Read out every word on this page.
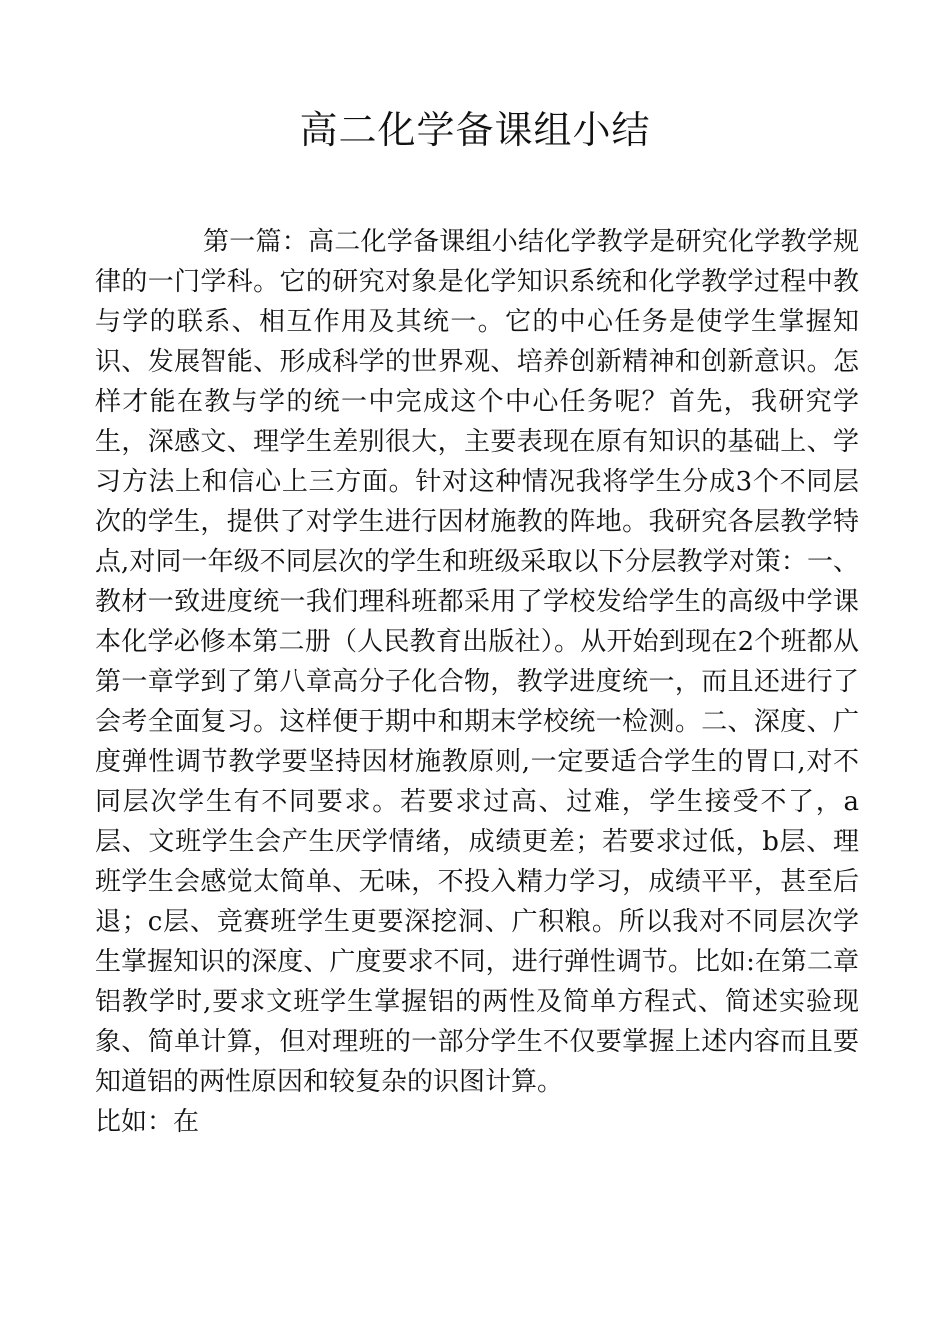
高二化学备课组小结

第一篇：高二化学备课组小结化学教学是研究化学教学规律的一门学科。它的研究对象是化学知识系统和化学教学过程中教与学的联系、相互作用及其统一。它的中心任务是使学生掌握知识、发展智能、形成科学的世界观、培养创新精神和创新意识。怎样才能在教与学的统一中完成这个中心任务呢？首先，我研究学生，深感文、理学生差别很大，主要表现在原有知识的基础上、学习方法上和信心上三方面。针对这种情况我将学生分成3个不同层次的学生，提供了对学生进行因材施教的阵地。我研究各层教学特点,对同一年级不同层次的学生和班级采取以下分层教学对策：一、教材一致进度统一我们理科班都采用了学校发给学生的高级中学课本化学必修本第二册（人民教育出版社）。从开始到现在2个班都从第一章学到了第八章高分子化合物，教学进度统一，而且还进行了会考全面复习。这样便于期中和期末学校统一检测。二、深度、广度弹性调节教学要坚持因材施教原则,一定要适合学生的胃口,对不同层次学生有不同要求。若要求过高、过难，学生接受不了，a层、文班学生会产生厌学情绪，成绩更差；若要求过低，b层、理班学生会感觉太简单、无味，不投入精力学习，成绩平平，甚至后退；c层、竞赛班学生更要深挖洞、广积粮。所以我对不同层次学生掌握知识的深度、广度要求不同，进行弹性调节。比如:在第二章铝教学时,要求文班学生掌握铝的两性及简单方程式、简述实验现象、简单计算，但对理班的一部分学生不仅要掌握上述内容而且要知道铝的两性原因和较复杂的识图计算。

比如：在
